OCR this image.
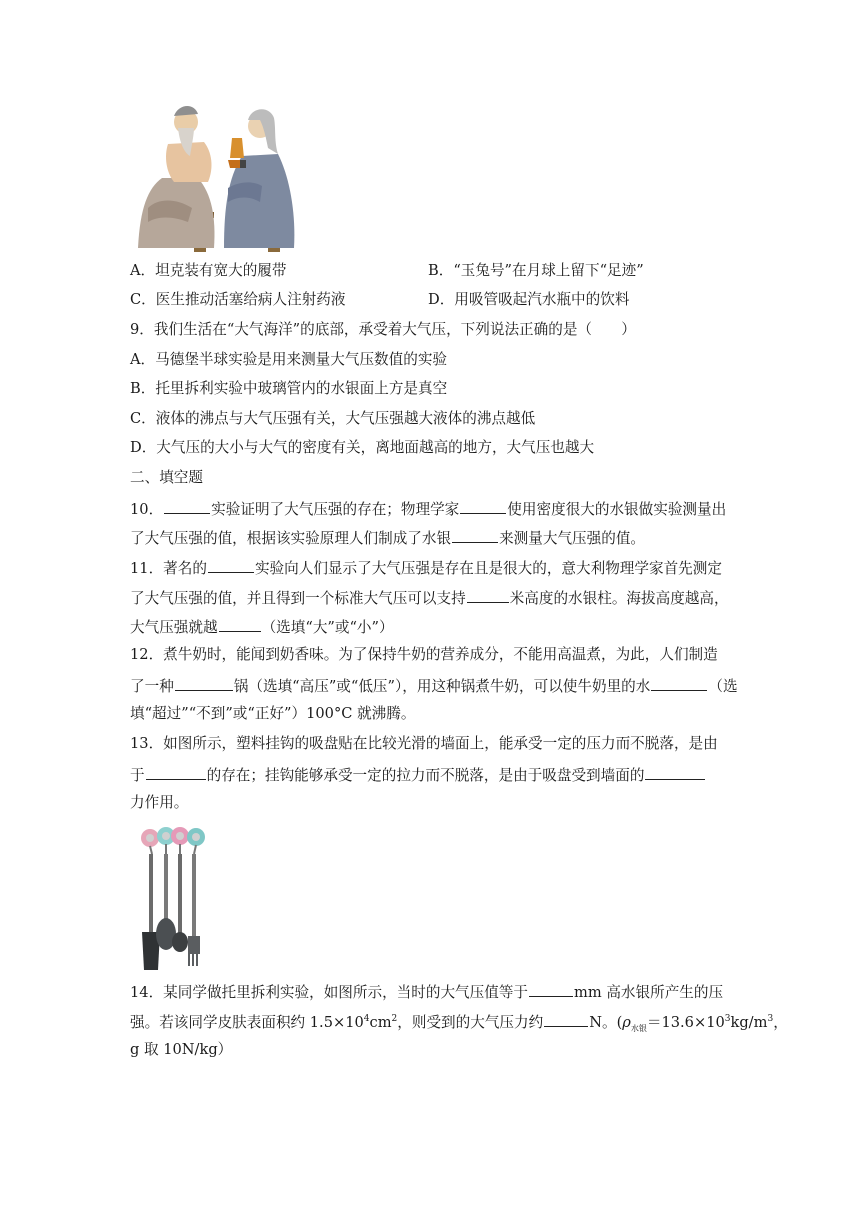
A．坦克装有宽大的履带	B．“玉兔号”在月球上留下“足迹”
C．医生推动活塞给病人注射药液	D．用吸管吸起汽水瓶中的饮料
9．我们生活在“大气海洋”的底部，承受着大气压，下列说法正确的是（　　）
A．马德堡半球实验是用来测量大气压数值的实验
B．托里拆利实验中玻璃管内的水银面上方是真空
C．液体的沸点与大气压强有关，大气压强越大液体的沸点越低
D．大气压的大小与大气的密度有关，离地面越高的地方，大气压也越大
二、填空题
10．	实验证明了大气压强的存在；物理学家	使用密度很大的水银做实验测量出
了大气压强的值，根据该实验原理人们制成了水银	来测量大气压强的值。
11．著名的	实验向人们显示了大气压强是存在且是很大的，意大利物理学家首先测定
了大气压强的值，并且得到一个标准大气压可以支持	米高度的水银柱。海拔高度越高，
大气压强就越	（选填“大”或“小”）
12．煮牛奶时，能闻到奶香味。为了保持牛奶的营养成分，不能用高温煮，为此，人们制造
了一种	锅（选填“高压”或“低压”），用这种锅煮牛奶，可以使牛奶里的水	（选
填“超过”“不到”或“正好”）100°C 就沸腾。
13．如图所示，塑料挂钩的吸盘贴在比较光滑的墙面上，能承受一定的压力而不脱落，是由
于	的存在；挂钩能够承受一定的拉力而不脱落，是由于吸盘受到墙面的
力作用。
14．某同学做托里拆利实验，如图所示，当时的大气压值等于	mm 高水银所产生的压
强。若该同学皮肤表面积约 $1.5\times 10^4cm^2$，则受到的大气压力约	N。($\rho_{水银}=13.6\times 10^3kg/m^3$，
g 取 10N/kg）
